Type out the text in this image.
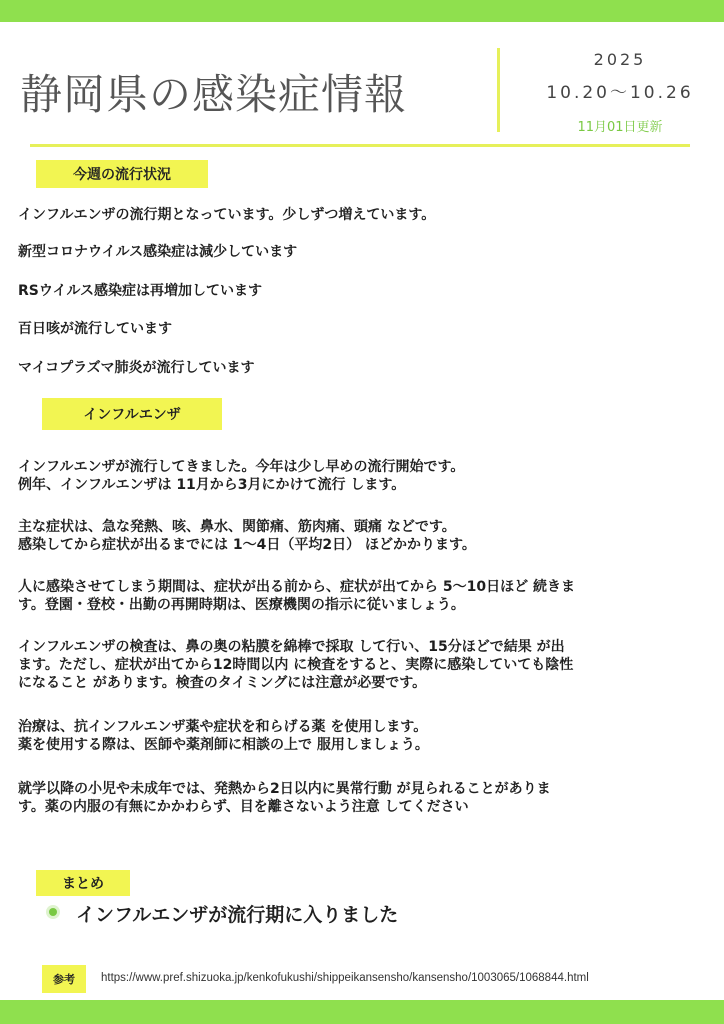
静岡県の感染症情報
2025
10.20～10.26
11月01日更新
今週の流行状況
インフルエンザの流行期となっています。少しずつ増えています。
新型コロナウイルス感染症は減少しています
RSウイルス感染症は再増加しています
百日咳が流行しています
マイコプラズマ肺炎が流行しています
インフルエンザ
インフルエンザが流行してきました。今年は少し早めの流行開始です。
例年、インフルエンザは 11月から3月にかけて流行 します。
主な症状は、急な発熱、咳、鼻水、関節痛、筋肉痛、頭痛 などです。
感染してから症状が出るまでには 1～4日（平均2日） ほどかかります。
人に感染させてしまう期間は、症状が出る前から、症状が出てから 5～10日ほど 続きま
す。登園・登校・出勤の再開時期は、医療機関の指示に従いましょう。
インフルエンザの検査は、鼻の奥の粘膜を綿棒で採取 して行い、15分ほどで結果 が出
ます。ただし、症状が出てから12時間以内 に検査をすると、実際に感染していても陰性
になること があります。検査のタイミングには注意が必要です。
治療は、抗インフルエンザ薬や症状を和らげる薬 を使用します。
薬を使用する際は、医師や薬剤師に相談の上で 服用しましょう。
就学以降の小児や未成年では、発熱から2日以内に異常行動 が見られることがありま
す。薬の内服の有無にかかわらず、目を離さないよう注意 してください
まとめ
インフルエンザが流行期に入りました
参考	https://www.pref.shizuoka.jp/kenkofukushi/shippeikansensho/kansensho/1003065/1068844.html
